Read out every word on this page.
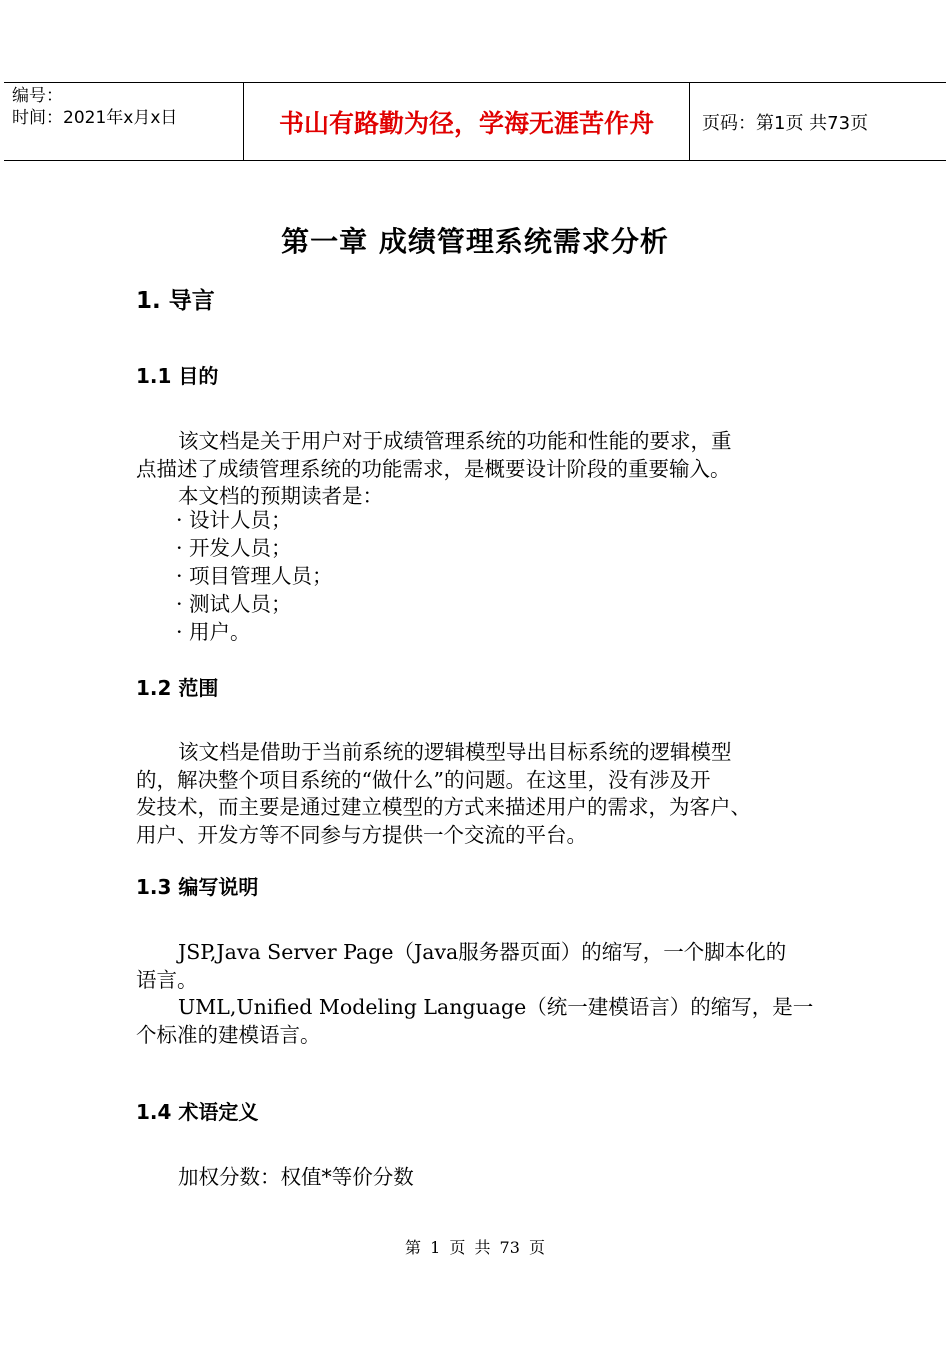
编号：
时间：2021年x月x日	书山有路勤为径，学海无涯苦作舟	页码：第1页 共73页
第一章 成绩管理系统需求分析
1. 导言
1.1 目的
该文档是关于用户对于成绩管理系统的功能和性能的要求，重
点描述了成绩管理系统的功能需求，是概要设计阶段的重要输入。
本文档的预期读者是：
· 设计人员；
· 开发人员；
· 项目管理人员；
· 测试人员；
· 用户。
1.2 范围
该文档是借助于当前系统的逻辑模型导出目标系统的逻辑模型
的，解决整个项目系统的“做什么”的问题。在这里，没有涉及开
发技术，而主要是通过建立模型的方式来描述用户的需求，为客户、
用户、开发方等不同参与方提供一个交流的平台。
1.3 编写说明
JSP,Java Server Page（Java服务器页面）的缩写，一个脚本化的
语言。
UML,Unified Modeling Language（统一建模语言）的缩写，是一
个标准的建模语言。
1.4 术语定义
加权分数：权值*等价分数
第 1 页 共 73 页
